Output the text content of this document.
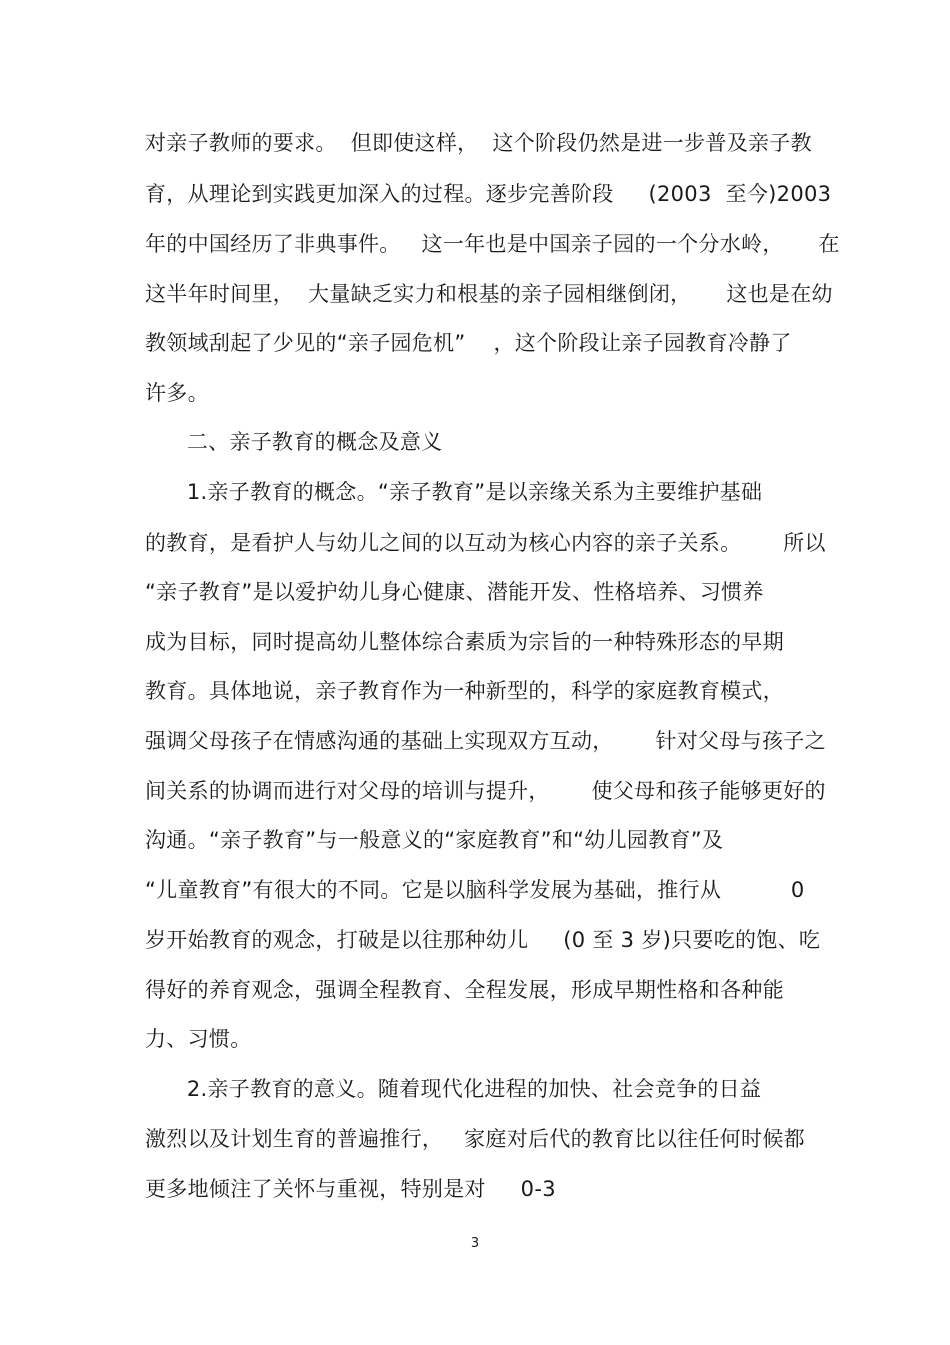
对亲子教师的要求。  但即使这样，  这个阶段仍然是进一步普及亲子教
育，从理论到实践更加深入的过程。逐步完善阶段     (2003  至今)2003
年的中国经历了非典事件。   这一年也是中国亲子园的一个分水岭，     在
这半年时间里，  大量缺乏实力和根基的亲子园相继倒闭，     这也是在幼
教领域刮起了少见的“亲子园危机”    ，这个阶段让亲子园教育冷静了
许多。
二、亲子教育的概念及意义
1.亲子教育的概念。“亲子教育”是以亲缘关系为主要维护基础
的教育，是看护人与幼儿之间的以互动为核心内容的亲子关系。      所以
“亲子教育”是以爱护幼儿身心健康、潜能开发、性格培养、习惯养
成为目标，同时提高幼儿整体综合素质为宗旨的一种特殊形态的早期
教育。具体地说，亲子教育作为一种新型的，科学的家庭教育模式，
强调父母孩子在情感沟通的基础上实现双方互动，      针对父母与孩子之
间关系的协调而进行对父母的培训与提升，      使父母和孩子能够更好的
沟通。“亲子教育”与一般意义的“家庭教育”和“幼儿园教育”及
“儿童教育”有很大的不同。它是以脑科学发展为基础，推行从          0
岁开始教育的观念，打破是以往那种幼儿     (0 至 3 岁)只要吃的饱、吃
得好的养育观念，强调全程教育、全程发展，形成早期性格和各种能
力、习惯。
2.亲子教育的意义。随着现代化进程的加快、社会竞争的日益
激烈以及计划生育的普遍推行，   家庭对后代的教育比以往任何时候都
更多地倾注了关怀与重视，特别是对     0-3
3
